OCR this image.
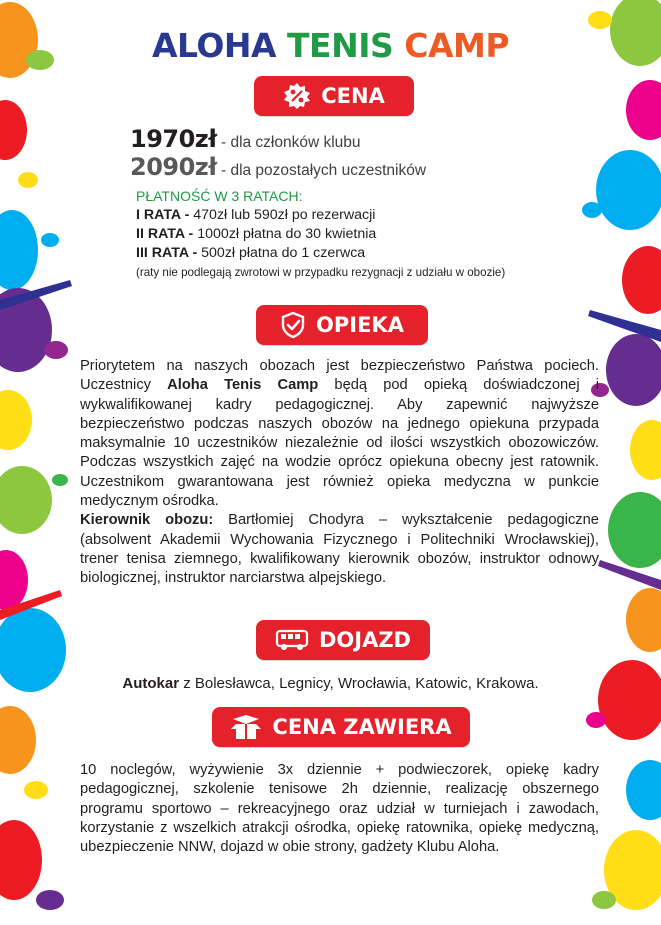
ALOHA TENIS CAMP
CENA
1970zł - dla członków klubu
2090zł - dla pozostałych uczestników
PŁATNOŚĆ W 3 RATACH:
I RATA - 470zł lub 590zł po rezerwacji
II RATA - 1000zł płatna do 30 kwietnia
III RATA - 500zł płatna do 1 czerwca
(raty nie podlegają zwrotowi w przypadku rezygnacji z udziału w obozie)
OPIEKA

Priorytetem na naszych obozach jest bezpieczeństwo Państwa pociech. Uczestnicy Aloha Tenis Camp będą pod opieką doświadczonej i wykwalifikowanej kadry pedagogicznej. Aby zapewnić najwyższe bezpieczeństwo podczas naszych obozów na jednego opiekuna przypada maksymalnie 10 uczestników niezależnie od ilości wszystkich obozowiczów. Podczas wszystkich zajęć na wodzie oprócz opiekuna obecny jest ratownik. Uczestnikom gwarantowana jest również opieka medyczna w punkcie medycznym ośrodka.

Kierownik obozu: Bartłomiej Chodyra – wykształcenie pedagogiczne (absolwent Akademii Wychowania Fizycznego i Politechniki Wrocławskiej), trener tenisa ziemnego, kwalifikowany kierownik obozów, instruktor odnowy biologicznej, instruktor narciarstwa alpejskiego.

DOJAZD
Autokar z Bolesławca, Legnicy, Wrocławia, Katowic, Krakowa.
CENA ZAWIERA

10 noclegów, wyżywienie 3x dziennie + podwieczorek, opiekę kadry pedagogicznej, szkolenie tenisowe 2h dziennie, realizację obszernego programu sportowo – rekreacyjnego oraz udział w turniejach i zawodach, korzystanie z wszelkich atrakcji ośrodka, opiekę ratownika, opiekę medyczną, ubezpieczenie NNW, dojazd w obie strony, gadżety Klubu Aloha.
